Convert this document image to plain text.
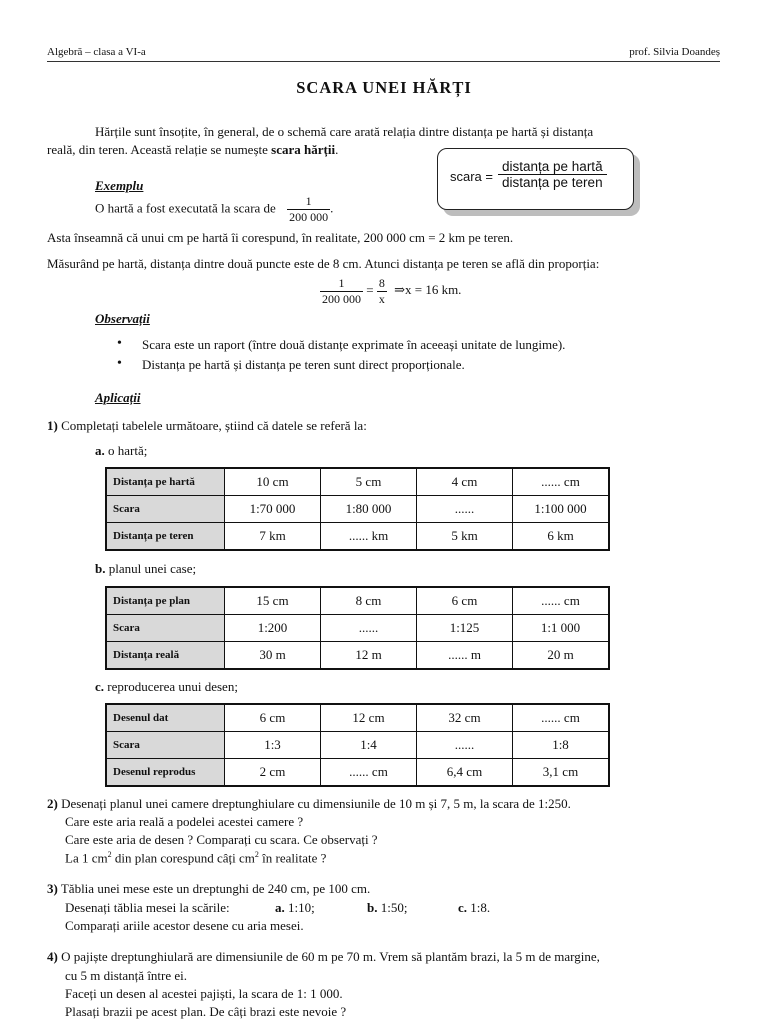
Algebră – clasa a VI-a	prof. Silvia Doandeș
SCARA UNEI HĂRȚI
Hărțile sunt însoțite, în general, de o schemă care arată relația dintre distanța pe hartă și distanța
reală, din teren. Această relație se numește scara hărții.
scara =
distanța pe hartă
distanța pe teren
Exemplu
O hartă a fost executată la scara de $\frac{1}{200 000}$ .
Asta înseamnă că unui cm pe hartă îi corespund, în realitate, 200 000 cm = 2 km pe teren.
Măsurând pe hartă, distanța dintre două puncte este de 8 cm. Atunci distanța pe teren se află din proporția:
$\frac{1}{200 000} = \frac{8}{x}$ ⇒x = 16 km.
Observații
• Scara este un raport (între două distanțe exprimate în aceeași unitate de lungime).
• Distanța pe hartă și distanța pe teren sunt direct proporționale.
Aplicații
1) Completați tabelele următoare, știind că datele se referă la:
a. o hartă;
Distanța pe hartă	10 cm	5 cm	4 cm	...... cm
Scara	1:70 000	1:80 000	......	1:100 000
Distanța pe teren	7 km	...... km	5 km	6 km
b. planul unei case;
Distanța pe plan	15 cm	8 cm	6 cm	...... cm
Scara	1:200	......	1:125	1:1 000
Distanța reală	30 m	12 m	...... m	20 m
c. reproducerea unui desen;
Desenul dat	6 cm	12 cm	32 cm	...... cm
Scara	1:3	1:4	......	1:8
Desenul reprodus	2 cm	...... cm	6,4 cm	3,1 cm
2) Desenați planul unei camere dreptunghiulare cu dimensiunile de 10 m și 7, 5 m, la scara de 1:250.
Care este aria reală a podelei acestei camere ?
Care este aria de desen ? Comparați cu scara. Ce observați ?
La 1 $cm^2$ din plan corespund câți $cm^2$ în realitate ?
3) Tăblia unei mese este un dreptunghi de 240 cm, pe 100 cm.
Desenați tăblia mesei la scările:	a. 1:10;	b. 1:50;	c. 1:8.
Comparați ariile acestor desene cu aria mesei.
4) O pajiște dreptunghiulară are dimensiunile de 60 m pe 70 m. Vrem să plantăm brazi, la 5 m de margine,
cu 5 m distanță între ei.
Faceți un desen al acestei pajiști, la scara de 1: 1 000.
Plasați brazii pe acest plan. De câți brazi este nevoie ?
